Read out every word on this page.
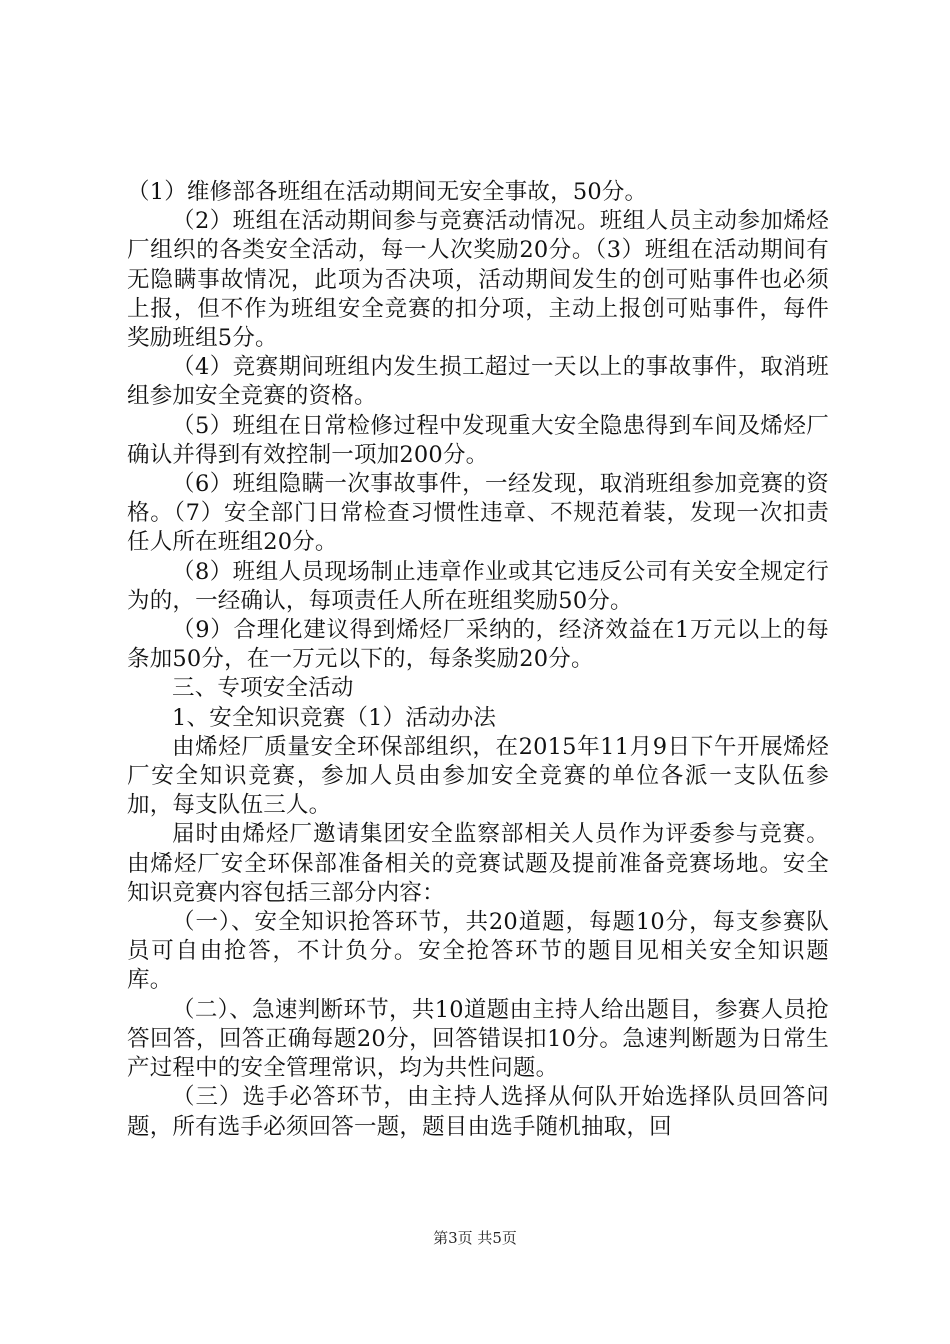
（1）维修部各班组在活动期间无安全事故，50分。

（2）班组在活动期间参与竞赛活动情况。班组人员主动参加烯烃厂组织的各类安全活动，每一人次奖励20分。（3）班组在活动期间有无隐瞒事故情况，此项为否决项，活动期间发生的创可贴事件也必须上报，但不作为班组安全竞赛的扣分项，主动上报创可贴事件，每件奖励班组5分。

（4）竞赛期间班组内发生损工超过一天以上的事故事件，取消班组参加安全竞赛的资格。

（5）班组在日常检修过程中发现重大安全隐患得到车间及烯烃厂确认并得到有效控制一项加200分。

（6）班组隐瞒一次事故事件，一经发现，取消班组参加竞赛的资格。（7）安全部门日常检查习惯性违章、不规范着装，发现一次扣责任人所在班组20分。

（8）班组人员现场制止违章作业或其它违反公司有关安全规定行为的，一经确认，每项责任人所在班组奖励50分。

（9）合理化建议得到烯烃厂采纳的，经济效益在1万元以上的每条加50分，在一万元以下的，每条奖励20分。

三、专项安全活动

1、安全知识竞赛（1）活动办法

由烯烃厂质量安全环保部组织，在2015年11月9日下午开展烯烃厂安全知识竞赛，参加人员由参加安全竞赛的单位各派一支队伍参加，每支队伍三人。

届时由烯烃厂邀请集团安全监察部相关人员作为评委参与竞赛。由烯烃厂安全环保部准备相关的竞赛试题及提前准备竞赛场地。安全知识竞赛内容包括三部分内容：

（一）、安全知识抢答环节，共20道题，每题10分，每支参赛队员可自由抢答，不计负分。安全抢答环节的题目见相关安全知识题库。

（二）、急速判断环节，共10道题由主持人给出题目，参赛人员抢答回答，回答正确每题20分，回答错误扣10分。急速判断题为日常生产过程中的安全管理常识，均为共性问题。

（三）选手必答环节，由主持人选择从何队开始选择队员回答问题，所有选手必须回答一题，题目由选手随机抽取，回

第3页 共5页
